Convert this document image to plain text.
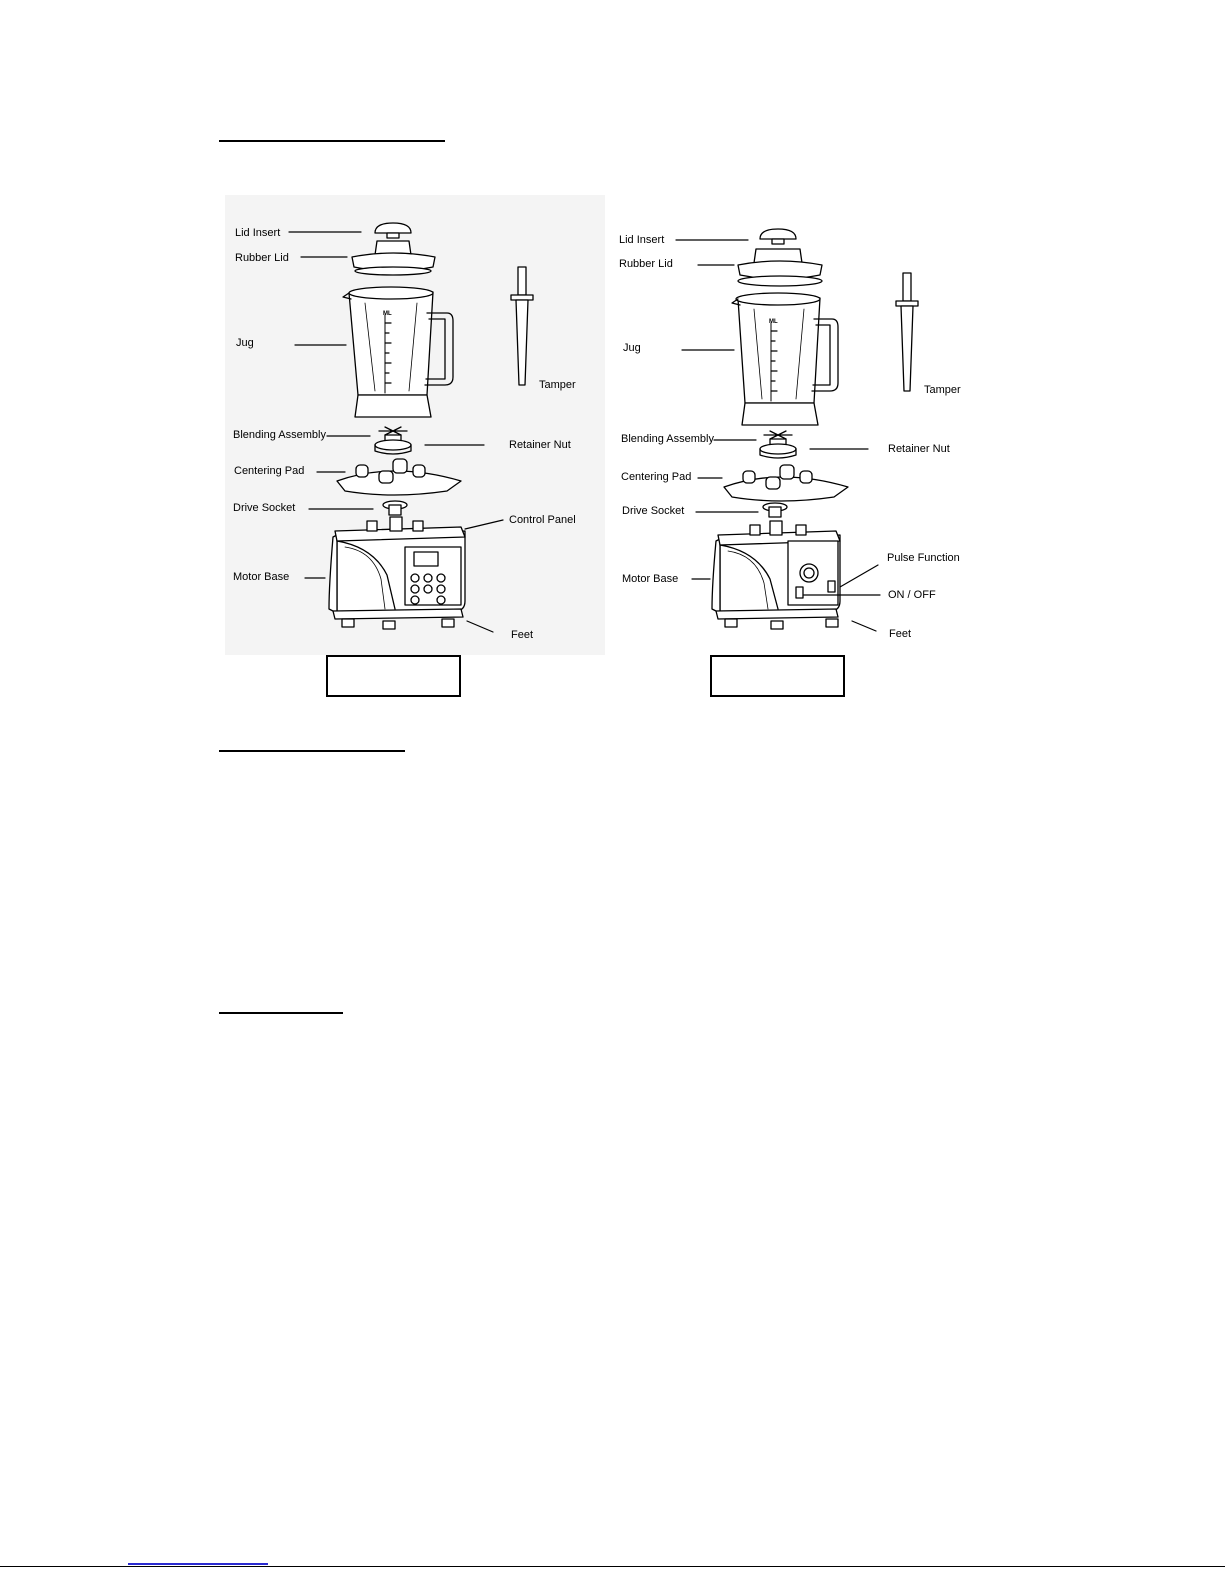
Lid Insert
Rubber Lid
Jug
Tamper
ML
Blending Assembly
Retainer Nut
Centering Pad
Drive Socket
Control Panel
Motor Base
Feet
Lid Insert
Rubber Lid
Jug
Tamper
ML
Blending Assembly
Retainer Nut
Centering Pad
Drive Socket
Pulse Function
ON / OFF
Motor Base
Feet
